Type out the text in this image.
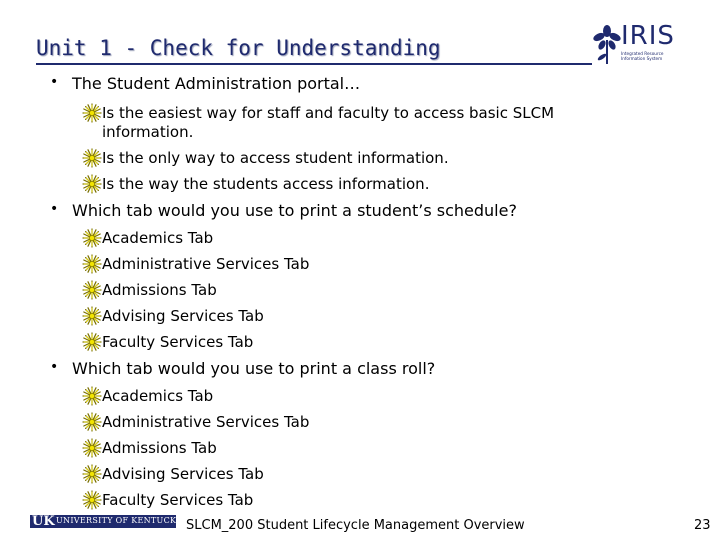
Unit 1 - Check for Understanding	IRIS
Integrated Resource Information System
• The Student Administration portal…
Is the easiest way for staff and faculty to access basic SLCM information.
Is the only way to access student information.
Is the way the students access information.
• Which tab would you use to print a student’s schedule?
Academics Tab
Administrative Services Tab
Admissions Tab
Advising Services Tab
Faculty Services Tab
• Which tab would you use to print a class roll?
Academics Tab
Administrative Services Tab
Admissions Tab
Advising Services Tab
Faculty Services Tab
UK UNIVERSITY OF KENTUCKY SLCM_200 Student Lifecycle Management Overview	23
